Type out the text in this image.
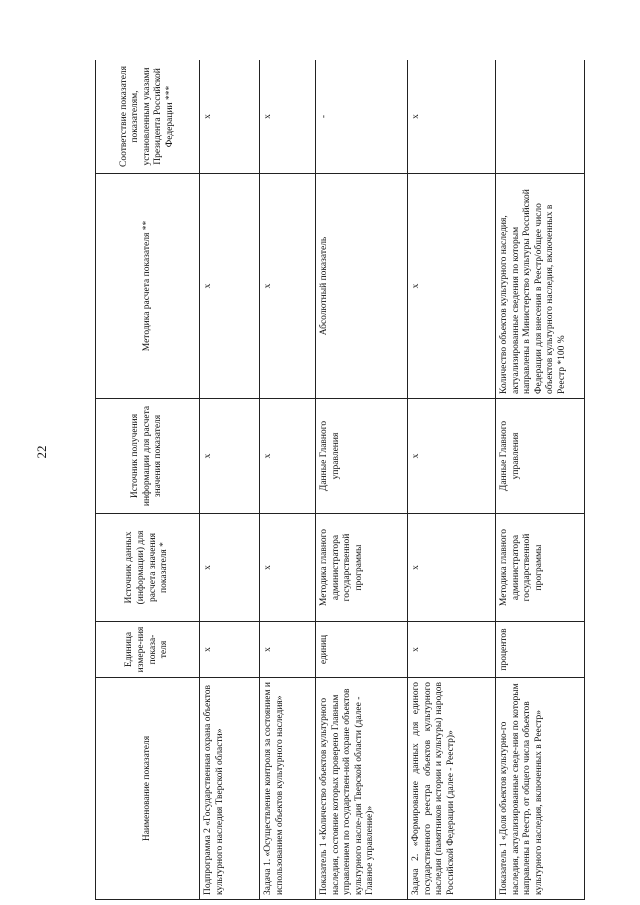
22
Наименование показателя	Единица измере-ния показа-теля	Источник данных (информации) для расчета значения показателя *	Источник получения информации для расчета значения показателя	Методика расчета показателя **	Соответствие показателя показателям, установленным указами Президента Российской Федерации ***
Подпрограмма 2 «Государственная охрана объектов культурного наследия Тверской области»	x	x	x	x	x
Задача 1. «Осуществление контроля за состоянием и использованием объектов культурного наследия»	x	x	x	x	x
Показатель 1 «Количество объектов культурного наследия, состояние которых проверено Главным управлением по государствен-ной охране объектов культурного насле-дия Тверской области (далее - Главное управление)»	единиц	Методика главного администратора государственной программы	Данные Главного управления	Абсолютный показатель	-
Задача 2. «Формирование данных для единого государственного реестра объектов культурного наследия (памятников истории и культуры) народов Российской Федерации (далее - Реестр)»	x	x	x	x	x
Показатель 1 «Доля объектов культурно-го наследия, актуализированные сведе-ния по которым направлены в Реестр, от общего числа объектов культурного наследия, включенных в Реестр»	процентов	Методика главного администратора государственной программы	Данные Главного управления	Количество объектов культурного наследия, актуализированные сведения по которым направлены в Министерство культуры Российской Федерации для внесения в Реестр/общее число объектов культурного наследия, включенных в Реестр *100 %	
